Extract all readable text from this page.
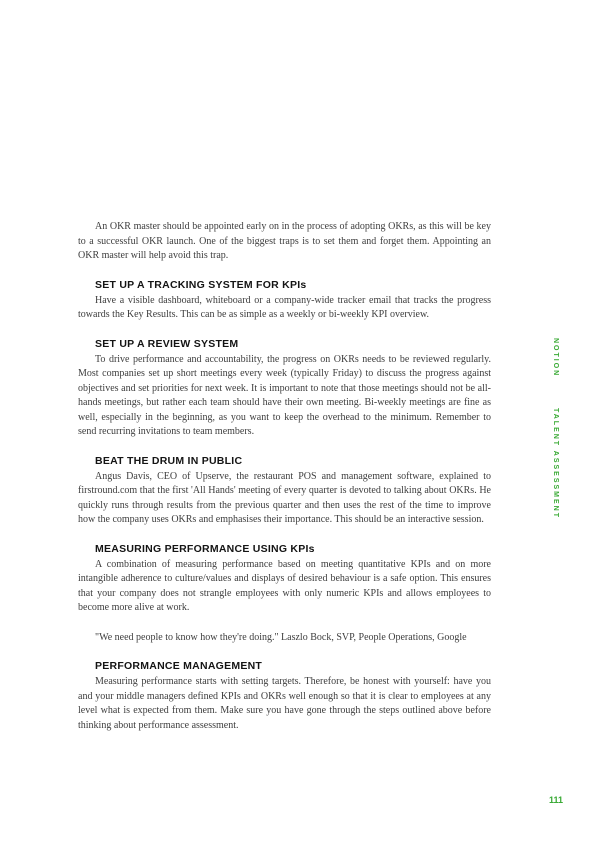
An OKR master should be appointed early on in the process of adopting OKRs, as this will be key to a successful OKR launch. One of the biggest traps is to set them and forget them. Appointing an OKR master will help avoid this trap.

SET UP A TRACKING SYSTEM FOR KPIs

Have a visible dashboard, whiteboard or a company-wide tracker email that tracks the progress towards the Key Results. This can be as simple as a weekly or bi-weekly KPI overview.

SET UP A REVIEW SYSTEM

To drive performance and accountability, the progress on OKRs needs to be reviewed regularly. Most companies set up short meetings every week (typically Friday) to discuss the progress against objectives and set priorities for next week. It is important to note that those meetings should not be all-hands meetings, but rather each team should have their own meeting. Bi-weekly meetings are fine as well, especially in the beginning, as you want to keep the overhead to the minimum. Remember to send recurring invitations to team members.

BEAT THE DRUM IN PUBLIC

Angus Davis, CEO of Upserve, the restaurant POS and management software, explained to firstround.com that the first 'All Hands' meeting of every quarter is devoted to talking about OKRs. He quickly runs through results from the previous quarter and then uses the rest of the time to improve how the company uses OKRs and emphasises their importance. This should be an interactive session.

MEASURING PERFORMANCE USING KPIs

A combination of measuring performance based on meeting quantitative KPIs and on more intangible adherence to culture/values and displays of desired behaviour is a safe option. This ensures that your company does not strangle employees with only numeric KPIs and allows employees to become more alive at work.

"We need people to know how they're doing." Laszlo Bock, SVP, People Operations, Google

PERFORMANCE MANAGEMENT

Measuring performance starts with setting targets. Therefore, be honest with yourself: have you and your middle managers defined KPIs and OKRs well enough so that it is clear to employees at any level what is expected from them. Make sure you have gone through the steps outlined above before thinking about performance assessment.

NOTION
TALENT ASSESSMENT
111
